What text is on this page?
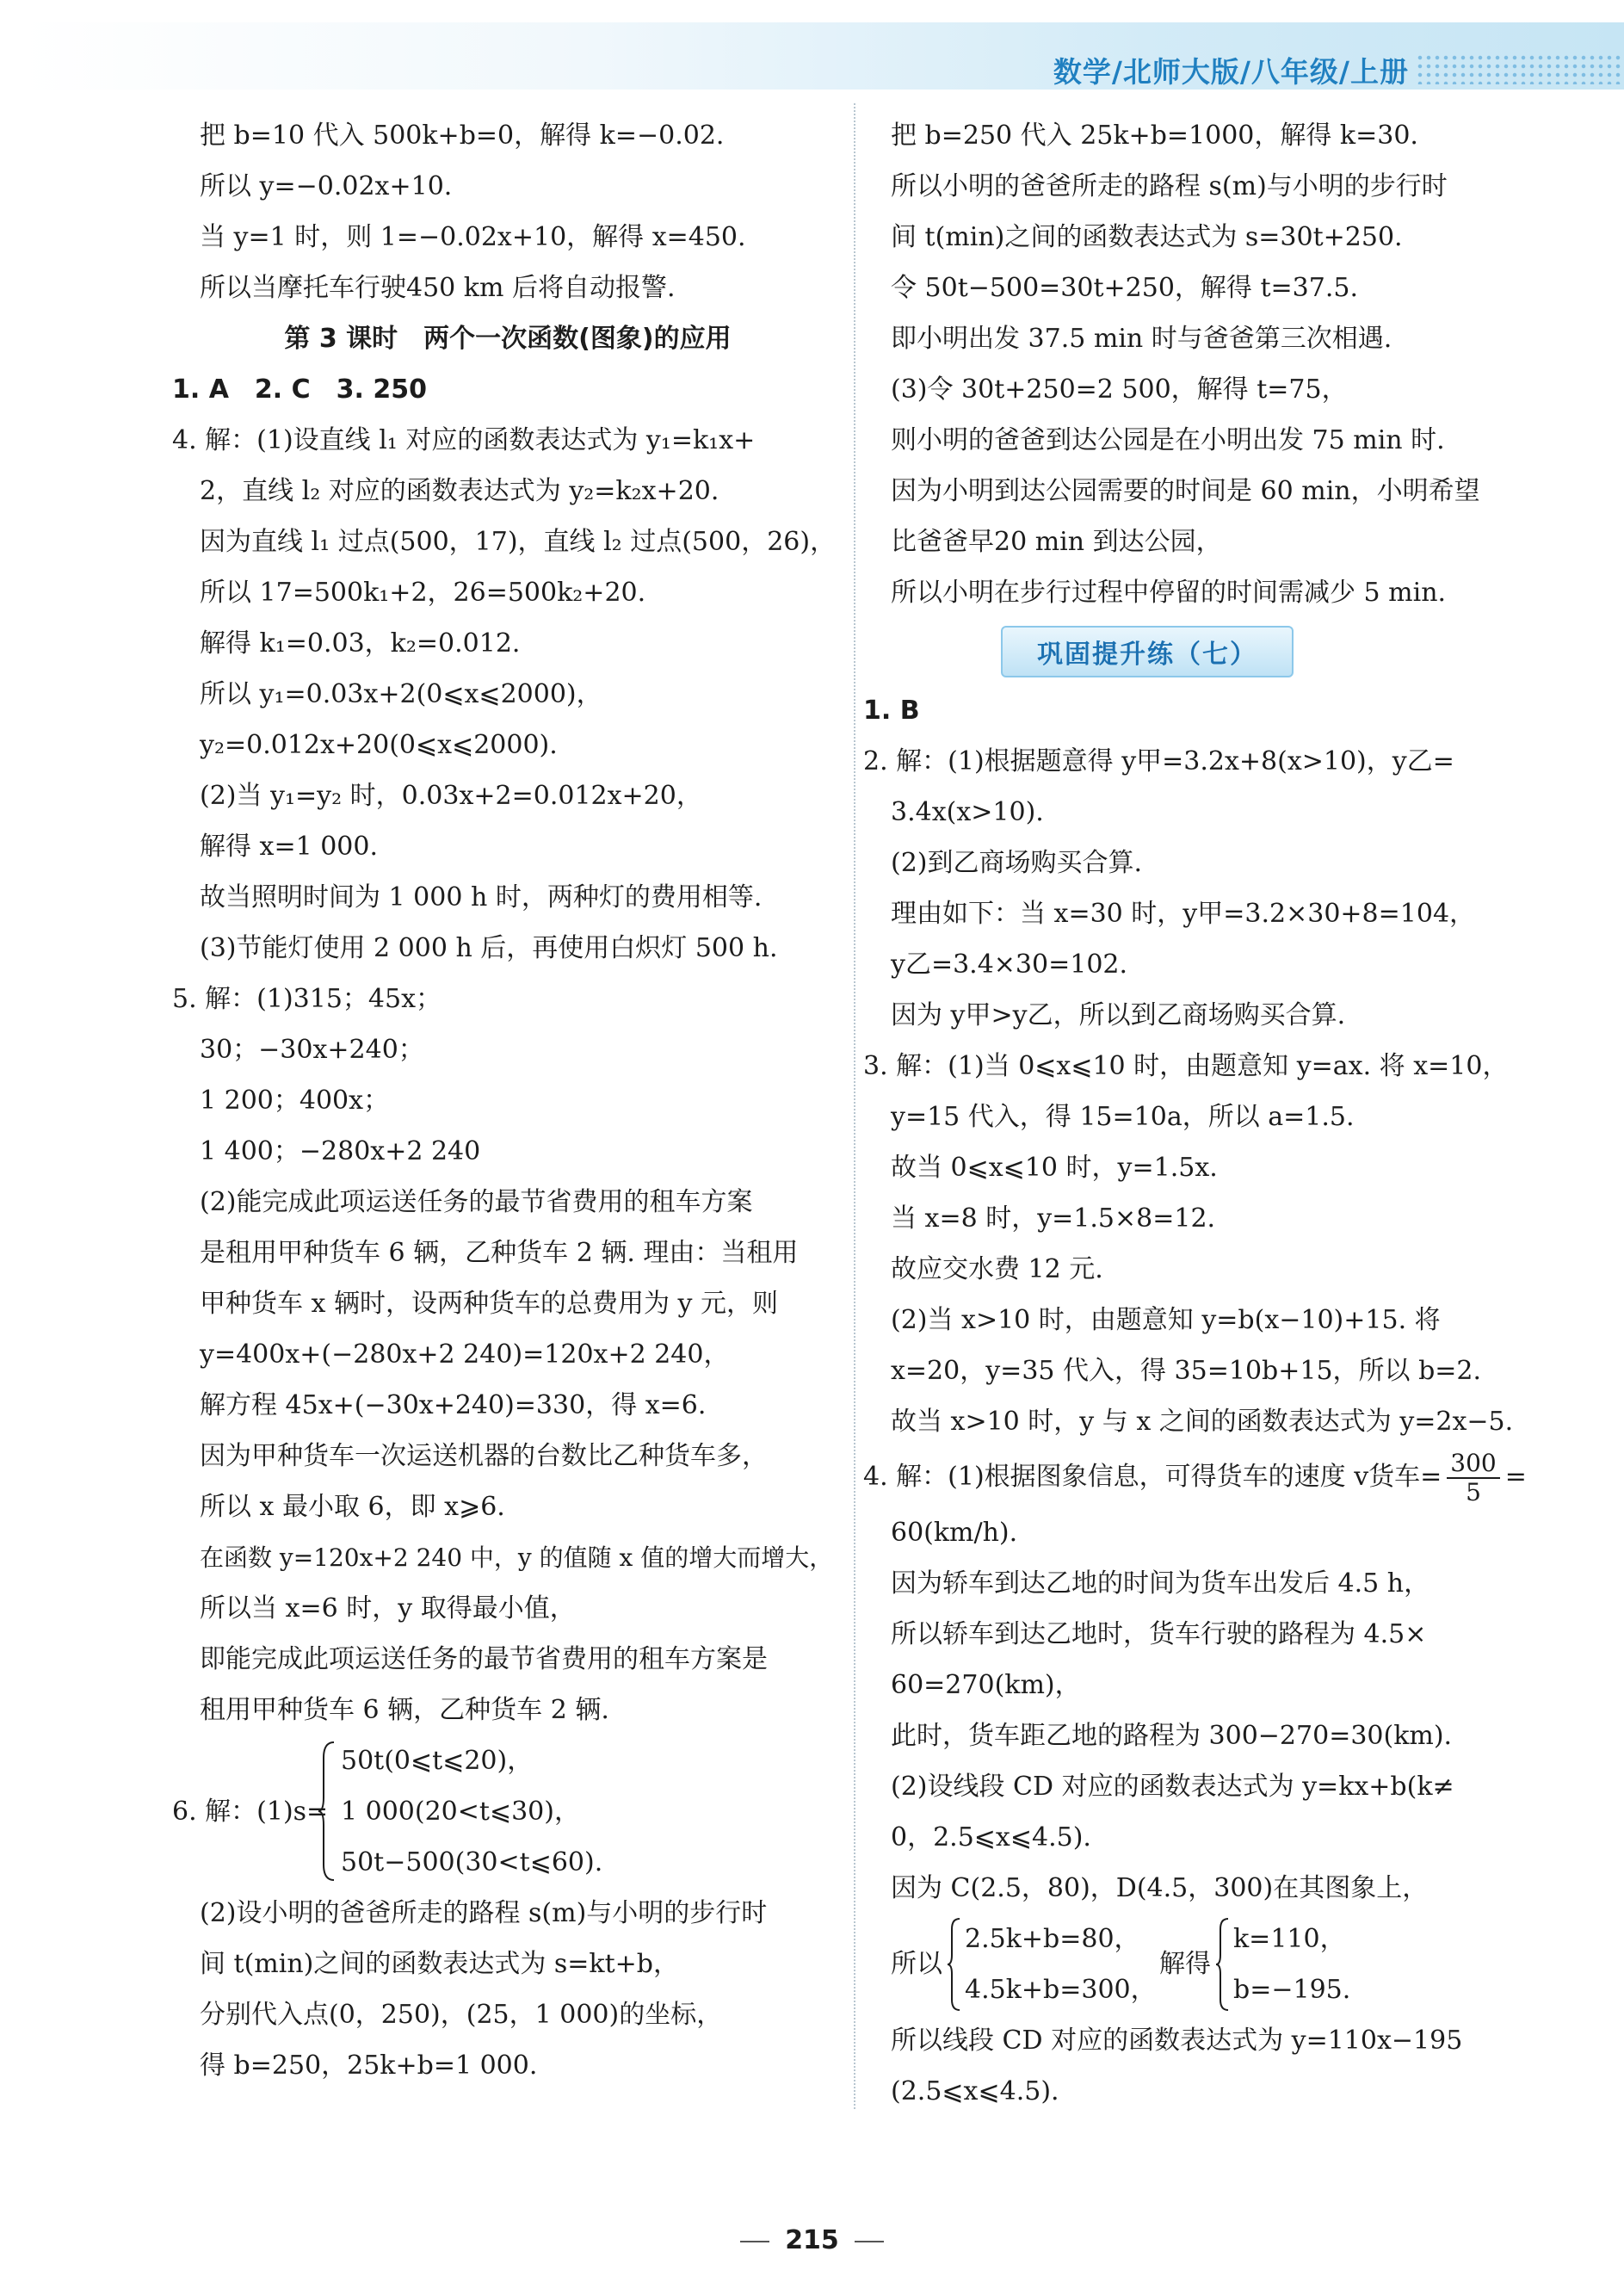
数学/北师大版/八年级/上册
把 b=10 代入 500k+b=0，解得 k=−0.02.
所以 y=−0.02x+10.
当 y=1 时，则 1=−0.02x+10，解得 x=450.
所以当摩托车行驶450 km 后将自动报警.
第 3 课时　两个一次函数(图象)的应用
1. A　2. C　3. 250
4. 解：(1)设直线 l₁ 对应的函数表达式为 y₁=k₁x+
2，直线 l₂ 对应的函数表达式为 y₂=k₂x+20.
因为直线 l₁ 过点(500，17)，直线 l₂ 过点(500，26)，
所以 17=500k₁+2，26=500k₂+20.
解得 k₁=0.03，k₂=0.012.
所以 y₁=0.03x+2(0⩽x⩽2000)，
y₂=0.012x+20(0⩽x⩽2000).
(2)当 y₁=y₂ 时，0.03x+2=0.012x+20，
解得 x=1 000.
故当照明时间为 1 000 h 时，两种灯的费用相等.
(3)节能灯使用 2 000 h 后，再使用白炽灯 500 h.
5. 解：(1)315；45x；
30；−30x+240；
1 200；400x；
1 400；−280x+2 240
(2)能完成此项运送任务的最节省费用的租车方案
是租用甲种货车 6 辆，乙种货车 2 辆. 理由：当租用
甲种货车 x 辆时，设两种货车的总费用为 y 元，则
y=400x+(−280x+2 240)=120x+2 240，
解方程 45x+(−30x+240)=330，得 x=6.
因为甲种货车一次运送机器的台数比乙种货车多，
所以 x 最小取 6，即 x⩾6.
在函数 y=120x+2 240 中，y 的值随 x 值的增大而增大，
所以当 x=6 时，y 取得最小值，
即能完成此项运送任务的最节省费用的租车方案是
租用甲种货车 6 辆，乙种货车 2 辆.
6. 解：(1)s=
50t(0⩽t⩽20)，
1 000(20<t⩽30)，
50t−500(30<t⩽60).
(2)设小明的爸爸所走的路程 s(m)与小明的步行时
间 t(min)之间的函数表达式为 s=kt+b，
分别代入点(0，250)，(25，1 000)的坐标，
得 b=250，25k+b=1 000.
把 b=250 代入 25k+b=1000，解得 k=30.
所以小明的爸爸所走的路程 s(m)与小明的步行时
间 t(min)之间的函数表达式为 s=30t+250.
令 50t−500=30t+250，解得 t=37.5.
即小明出发 37.5 min 时与爸爸第三次相遇.
(3)令 30t+250=2 500，解得 t=75，
则小明的爸爸到达公园是在小明出发 75 min 时.
因为小明到达公园需要的时间是 60 min，小明希望
比爸爸早20 min 到达公园，
所以小明在步行过程中停留的时间需减少 5 min.
巩固提升练（七）
1. B
2. 解：(1)根据题意得 y甲=3.2x+8(x>10)，y乙=
3.4x(x>10).
(2)到乙商场购买合算.
理由如下：当 x=30 时，y甲=3.2×30+8=104，
y乙=3.4×30=102.
因为 y甲>y乙，所以到乙商场购买合算.
3. 解：(1)当 0⩽x⩽10 时，由题意知 y=ax. 将 x=10，
y=15 代入，得 15=10a，所以 a=1.5.
故当 0⩽x⩽10 时，y=1.5x.
当 x=8 时，y=1.5×8=12.
故应交水费 12 元.
(2)当 x>10 时，由题意知 y=b(x−10)+15. 将
x=20，y=35 代入，得 35=10b+15，所以 b=2.
故当 x>10 时，y 与 x 之间的函数表达式为 y=2x−5.
4. 解：(1)根据图象信息，可得货车的速度 v货车= $\frac{300}{5}$ =
60(km/h).
因为轿车到达乙地的时间为货车出发后 4.5 h，
所以轿车到达乙地时，货车行驶的路程为 4.5×
60=270(km)，
此时，货车距乙地的路程为 300−270=30(km).
(2)设线段 CD 对应的函数表达式为 y=kx+b(k≠
0，2.5⩽x⩽4.5).
因为 C(2.5，80)，D(4.5，300)在其图象上，
所以
2.5k+b=80，
4.5k+b=300，
解得
k=110，
b=−195.
所以线段 CD 对应的函数表达式为 y=110x−195
(2.5⩽x⩽4.5).
215
